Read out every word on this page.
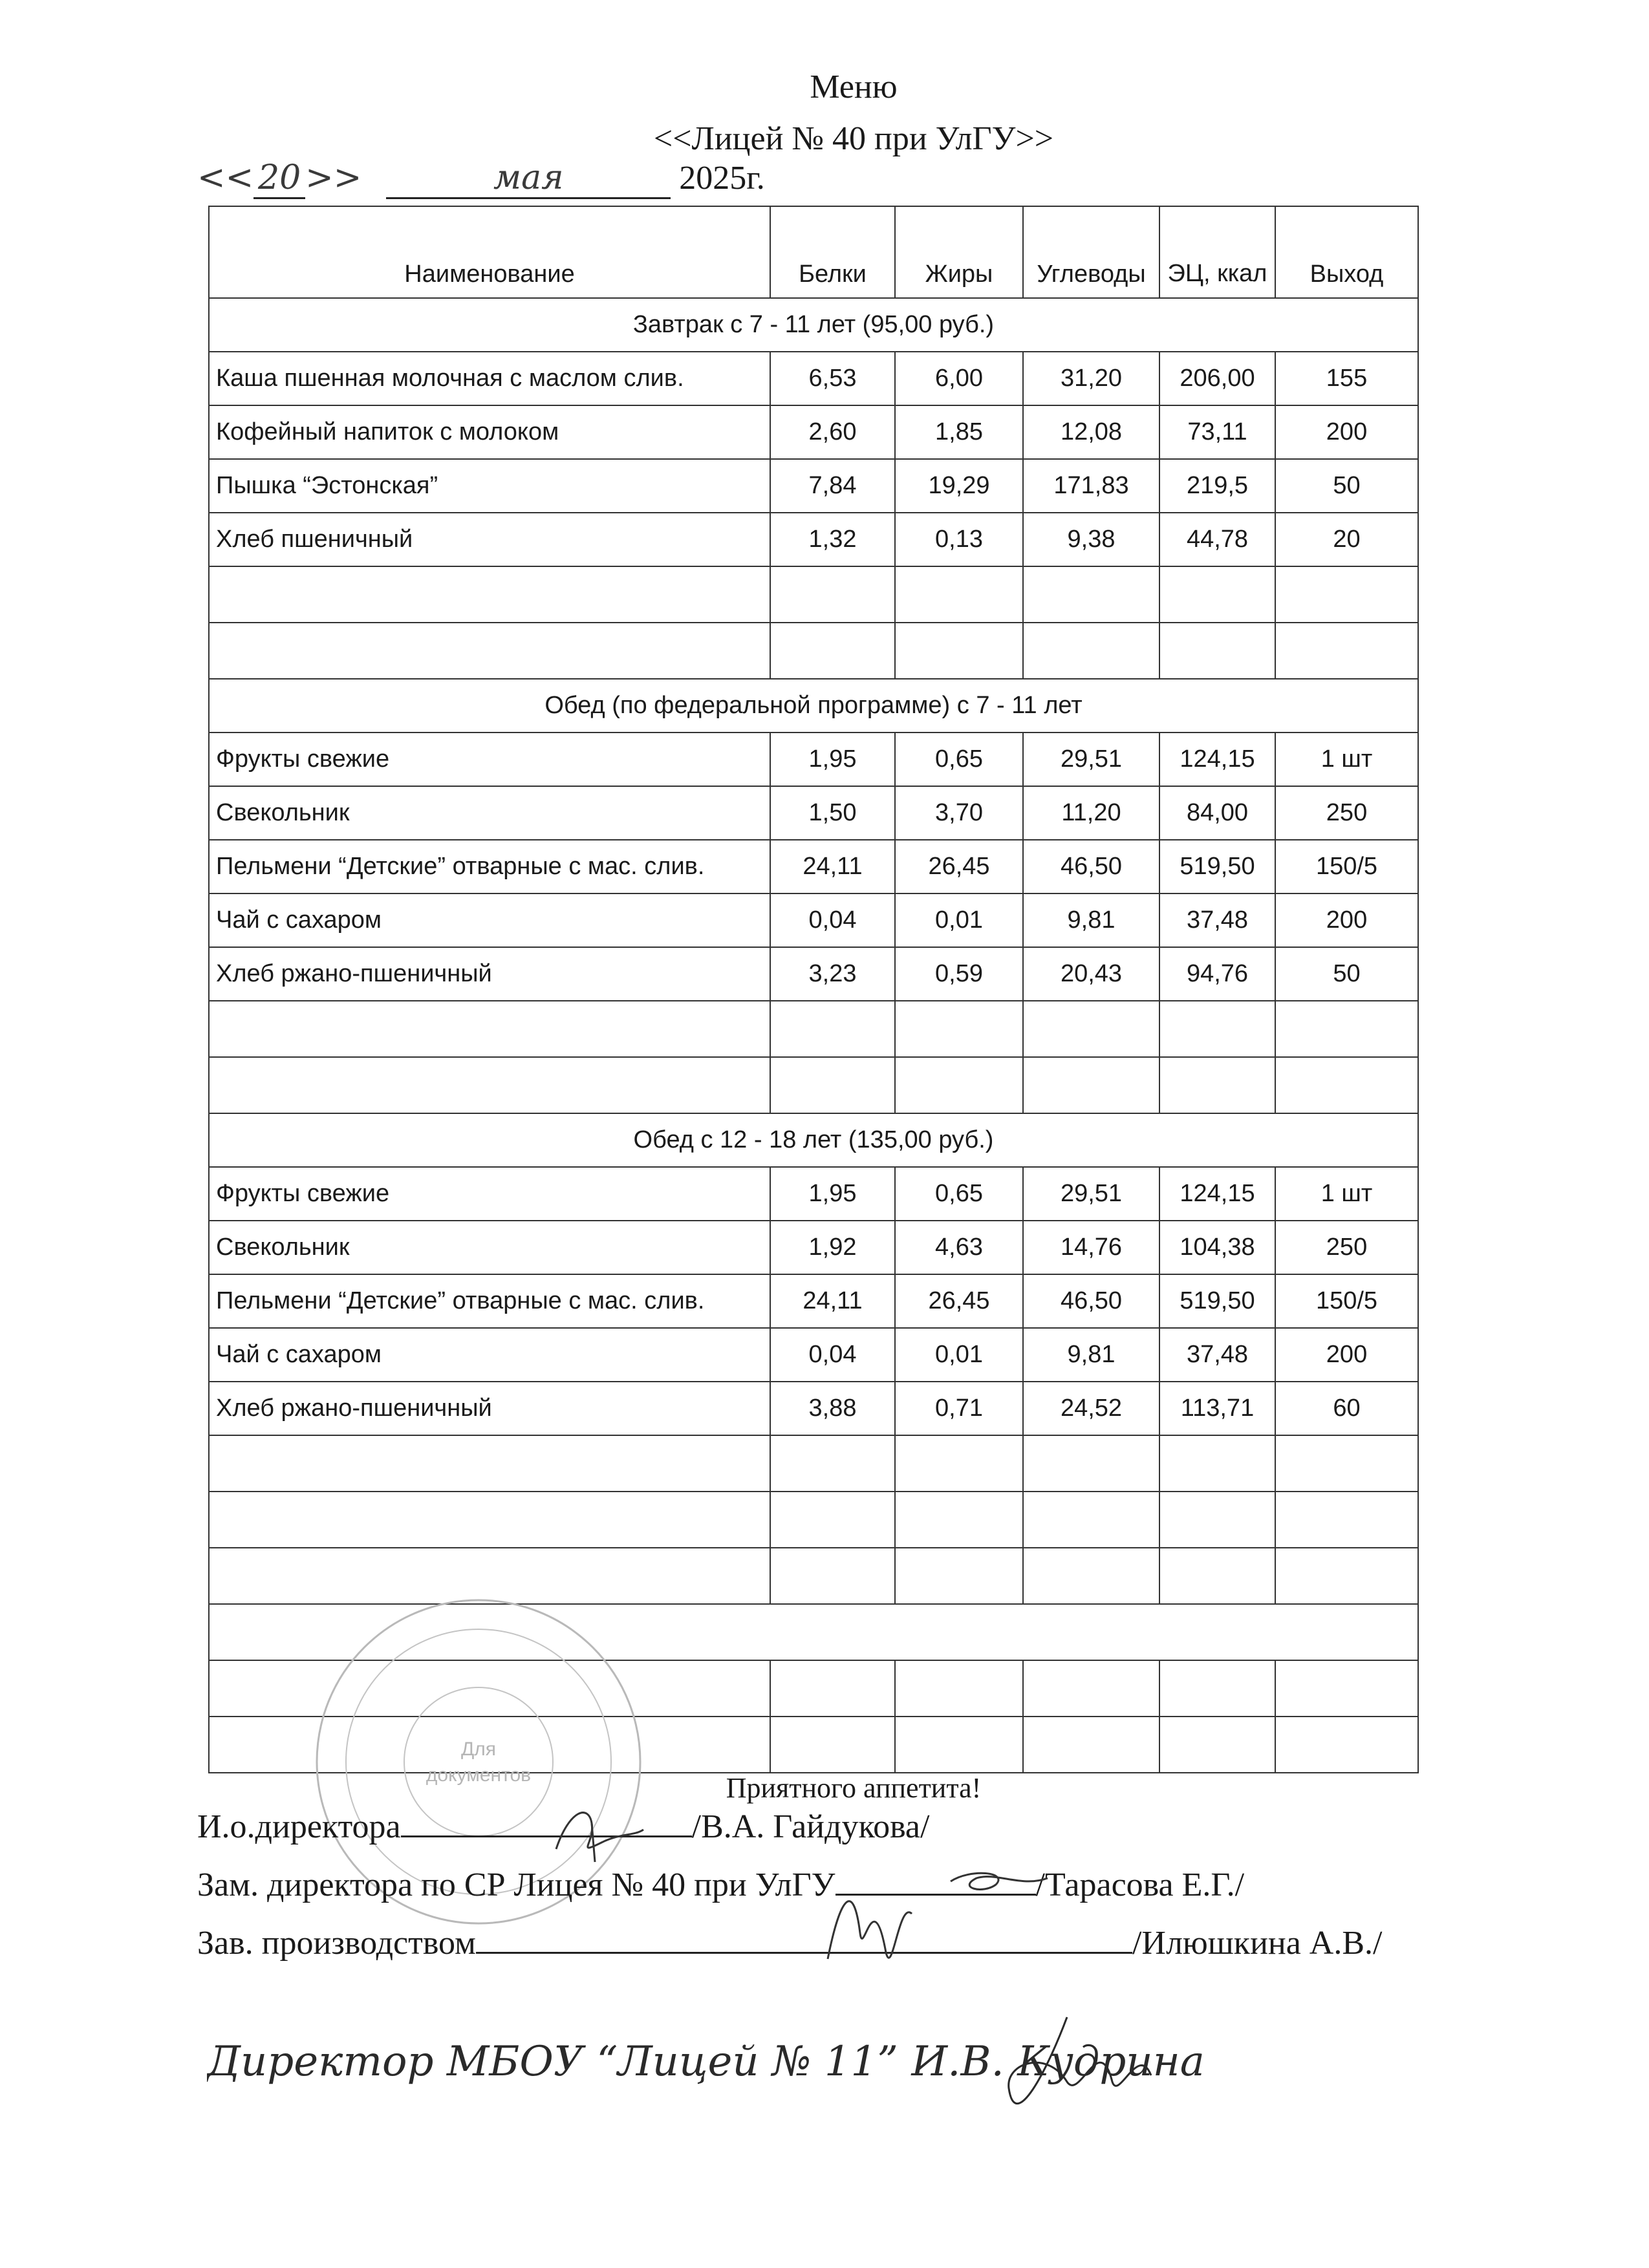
Меню
<<Лицей № 40 при УлГУ>>
<< 20 >>	мая	2025г.
Наименование	Белки	Жиры	Углеводы	ЭЦ, ккал	Выход
Завтрак с 7 - 11 лет (95,00 руб.)					
Каша пшенная молочная с маслом слив.	6,53	6,00	31,20	206,00	155
Кофейный напиток с молоком	2,60	1,85	12,08	73,11	200
Пышка “Эстонская”	7,84	19,29	171,83	219,5	50
Хлеб пшеничный	1,32	0,13	9,38	44,78	20

Обед (по федеральной программе) с 7 - 11 лет					
Фрукты свежие	1,95	0,65	29,51	124,15	1 шт
Свекольник	1,50	3,70	11,20	84,00	250
Пельмени “Детские” отварные с мас. слив.	24,11	26,45	46,50	519,50	150/5
Чай с сахаром	0,04	0,01	9,81	37,48	200
Хлеб ржано-пшеничный	3,23	0,59	20,43	94,76	50

Обед с 12 - 18 лет (135,00 руб.)					
Фрукты свежие	1,95	0,65	29,51	124,15	1 шт
Свекольник	1,92	4,63	14,76	104,38	250
Пельмени “Детские” отварные с мас. слив.	24,11	26,45	46,50	519,50	150/5
Чай с сахаром	0,04	0,01	9,81	37,48	200
Хлеб ржано-пшеничный	3,88	0,71	24,52	113,71	60

Для
документов	Приятного аппетита!
И.о.директора	/В.А. Гайдукова/
Зам. директора по СР Лицея № 40 при УлГУ	/Тарасова Е.Г./
Зав. производством	/Илюшкина А.В./
Директор МБОУ “Лицей № 11” И.В. Кудрина
